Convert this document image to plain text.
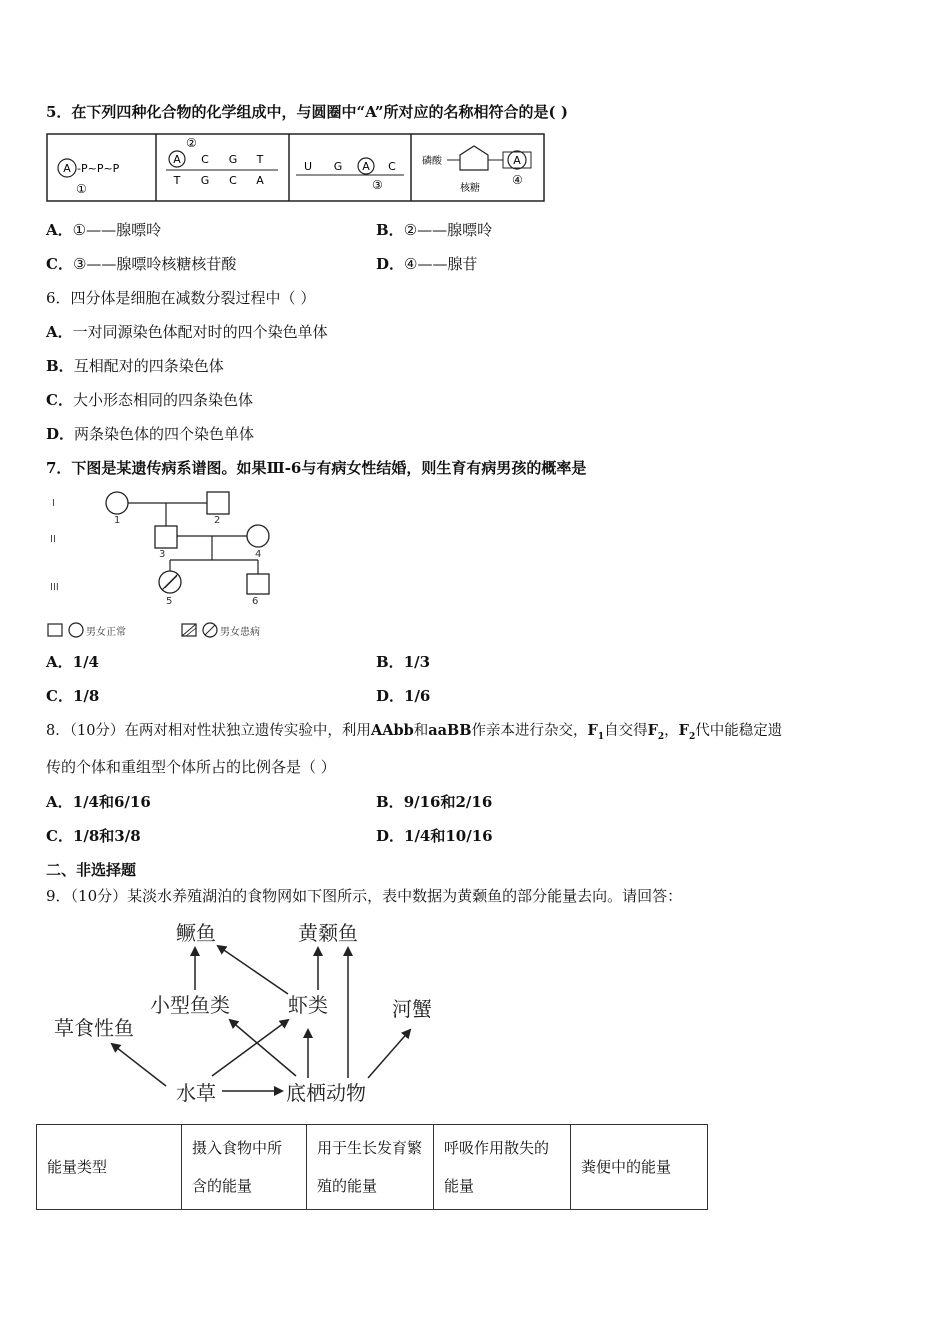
5．在下列四种化合物的化学组成中，与圆圈中“A”所对应的名称相符合的是( )
A -P~P~P
①
②
A C G T
T G C A
U G A C
③
磷酸
核糖
A
④
A．①——腺嘌呤	B．②——腺嘌呤
C．③——腺嘌呤核糖核苷酸	D．④——腺苷
6．四分体是细胞在减数分裂过程中（ ）
A．一对同源染色体配对时的四个染色单体
B．互相配对的四条染色体
C．大小形态相同的四条染色体
D．两条染色体的四个染色单体
7．下图是某遗传病系谱图。如果Ⅲ-6与有病女性结婚，则生育有病男孩的概率是
I
II
III
1	2
3	4
5	6
男女正常	男女患病
A．1/4	B．1/3
C．1/8	D．1/6
8．（10分）在两对相对性状独立遗传实验中，利用AAbb和aaBB作亲本进行杂交，$F_1$自交得$F_2$，$F_2$代中能稳定遗
传的个体和重组型个体所占的比例各是（ ）
A．1/4和6/16	B．9/16和2/16
C．1/8和3/8	D．1/4和10/16
二、非选择题
9．（10分）某淡水养殖湖泊的食物网如下图所示，表中数据为黄颡鱼的部分能量去向。请回答：
鳜鱼	黄颡鱼
小型鱼类	虾类	河蟹
草食性鱼
水草	底栖动物
能量类型	摄入食物中所含的能量	用于生长发育繁殖的能量	呼吸作用散失的能量	粪便中的能量
